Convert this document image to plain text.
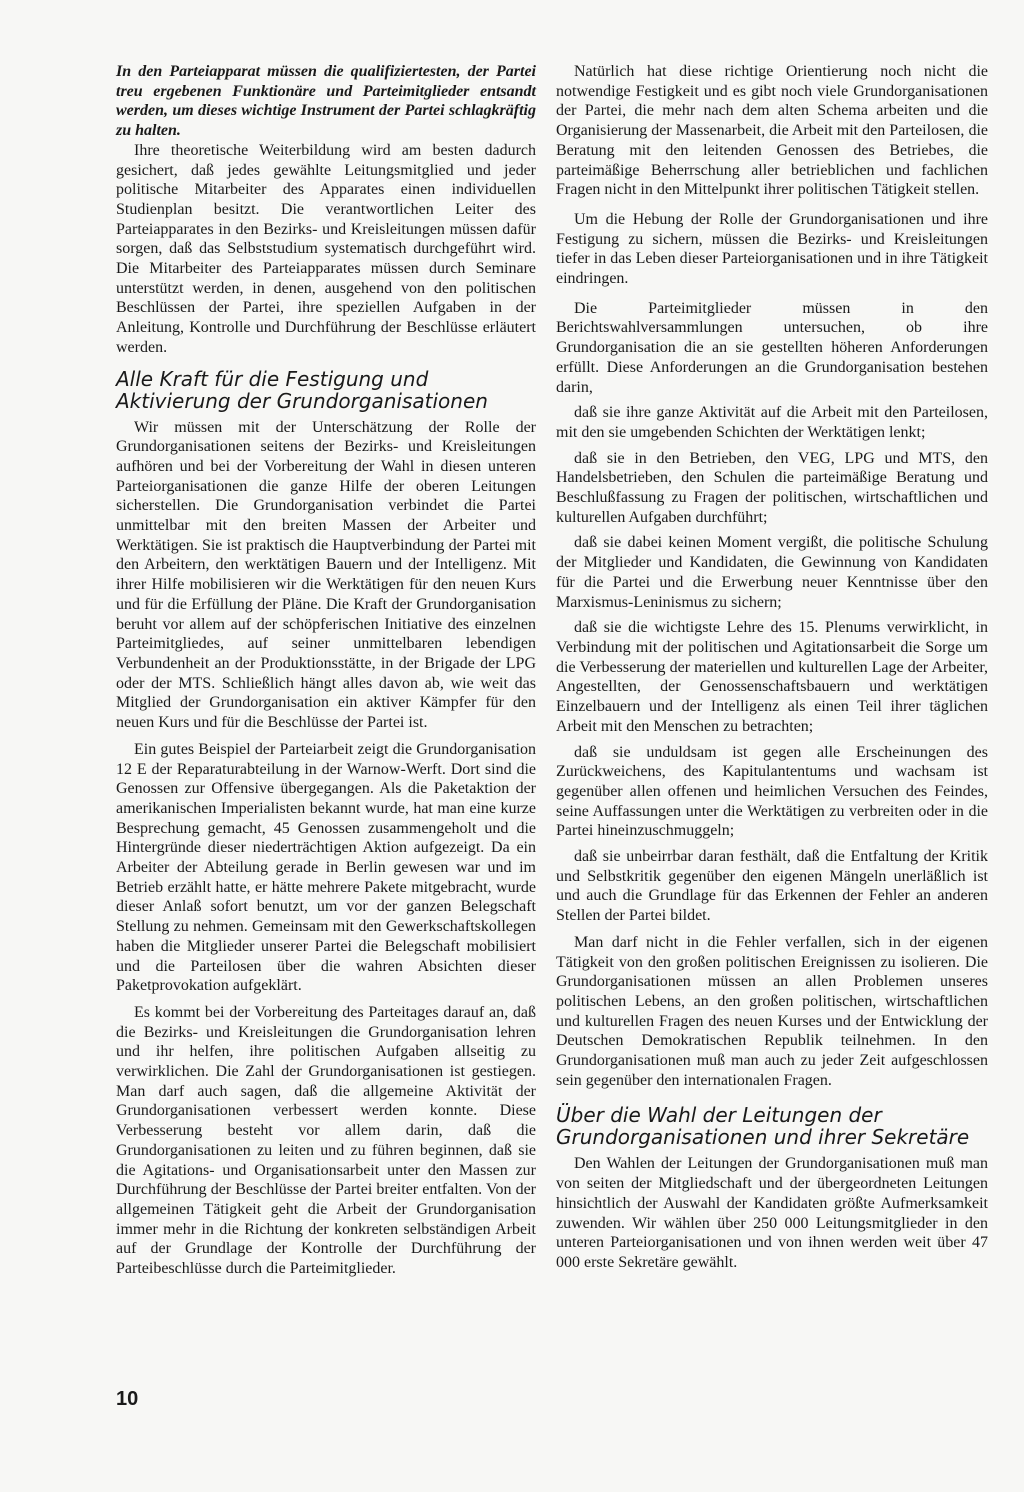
In den Parteiapparat müssen die qualifiziertesten, der Partei treu ergebenen Funktionäre und Parteimitglieder entsandt werden, um dieses wichtige Instrument der Partei schlagkräftig zu halten.

Ihre theoretische Weiterbildung wird am besten dadurch gesichert, daß jedes gewählte Leitungsmitglied und jeder politische Mitarbeiter des Apparates einen individuellen Studienplan besitzt. Die verantwortlichen Leiter des Parteiapparates in den Bezirks- und Kreisleitungen müssen dafür sorgen, daß das Selbststudium systematisch durchgeführt wird. Die Mitarbeiter des Parteiapparates müssen durch Seminare unterstützt werden, in denen, ausgehend von den politischen Beschlüssen der Partei, ihre speziellen Aufgaben in der Anleitung, Kontrolle und Durchführung der Beschlüsse erläutert werden.

Alle Kraft für die Festigung und Aktivierung der Grundorganisationen

Wir müssen mit der Unterschätzung der Rolle der Grundorganisationen seitens der Bezirks- und Kreisleitungen aufhören und bei der Vorbereitung der Wahl in diesen unteren Parteiorganisationen die ganze Hilfe der oberen Leitungen sicherstellen. Die Grundorganisation verbindet die Partei unmittelbar mit den breiten Massen der Arbeiter und Werktätigen. Sie ist praktisch die Hauptverbindung der Partei mit den Arbeitern, den werktätigen Bauern und der Intelligenz. Mit ihrer Hilfe mobilisieren wir die Werktätigen für den neuen Kurs und für die Erfüllung der Pläne. Die Kraft der Grundorganisation beruht vor allem auf der schöpferischen Initiative des einzelnen Parteimitgliedes, auf seiner unmittelbaren lebendigen Verbundenheit an der Produktionsstätte, in der Brigade der LPG oder der MTS. Schließlich hängt alles davon ab, wie weit das Mitglied der Grundorganisation ein aktiver Kämpfer für den neuen Kurs und für die Beschlüsse der Partei ist.

Ein gutes Beispiel der Parteiarbeit zeigt die Grundorganisation 12 E der Reparaturabteilung in der Warnow-Werft. Dort sind die Genossen zur Offensive übergegangen. Als die Paketaktion der amerikanischen Imperialisten bekannt wurde, hat man eine kurze Besprechung gemacht, 45 Genossen zusammengeholt und die Hintergründe dieser niederträchtigen Aktion aufgezeigt. Da ein Arbeiter der Abteilung gerade in Berlin gewesen war und im Betrieb erzählt hatte, er hätte mehrere Pakete mitgebracht, wurde dieser Anlaß sofort benutzt, um vor der ganzen Belegschaft Stellung zu nehmen. Gemeinsam mit den Gewerkschaftskollegen haben die Mitglieder unserer Partei die Belegschaft mobilisiert und die Parteilosen über die wahren Absichten dieser Paketprovokation aufgeklärt.

Es kommt bei der Vorbereitung des Parteitages darauf an, daß die Bezirks- und Kreisleitungen die Grundorganisation lehren und ihr helfen, ihre politischen Aufgaben allseitig zu verwirklichen. Die Zahl der Grundorganisationen ist gestiegen. Man darf auch sagen, daß die allgemeine Aktivität der Grundorganisationen verbessert werden konnte. Diese Verbesserung besteht vor allem darin, daß die Grundorganisationen zu leiten und zu führen beginnen, daß sie die Agitations- und Organisationsarbeit unter den Massen zur Durchführung der Beschlüsse der Partei breiter entfalten. Von der allgemeinen Tätigkeit geht die Arbeit der Grundorganisation immer mehr in die Richtung der konkreten selbständigen Arbeit auf der Grundlage der Kontrolle der Durchführung der Parteibeschlüsse durch die Parteimitglieder.

Natürlich hat diese richtige Orientierung noch nicht die notwendige Festigkeit und es gibt noch viele Grundorganisationen der Partei, die mehr nach dem alten Schema arbeiten und die Organisierung der Massenarbeit, die Arbeit mit den Parteilosen, die Beratung mit den leitenden Genossen des Betriebes, die parteimäßige Beherrschung aller betrieblichen und fachlichen Fragen nicht in den Mittelpunkt ihrer politischen Tätigkeit stellen.

Um die Hebung der Rolle der Grundorganisationen und ihre Festigung zu sichern, müssen die Bezirks- und Kreisleitungen tiefer in das Leben dieser Parteiorganisationen und in ihre Tätigkeit eindringen.

Die Parteimitglieder müssen in den Berichtswahlversammlungen untersuchen, ob ihre Grundorganisation die an sie gestellten höheren Anforderungen erfüllt. Diese Anforderungen an die Grundorganisation bestehen darin,

daß sie ihre ganze Aktivität auf die Arbeit mit den Parteilosen, mit den sie umgebenden Schichten der Werktätigen lenkt;

daß sie in den Betrieben, den VEG, LPG und MTS, den Handelsbetrieben, den Schulen die parteimäßige Beratung und Beschlußfassung zu Fragen der politischen, wirtschaftlichen und kulturellen Aufgaben durchführt;

daß sie dabei keinen Moment vergißt, die politische Schulung der Mitglieder und Kandidaten, die Gewinnung von Kandidaten für die Partei und die Erwerbung neuer Kenntnisse über den Marxismus-Leninismus zu sichern;

daß sie die wichtigste Lehre des 15. Plenums verwirklicht, in Verbindung mit der politischen und Agitationsarbeit die Sorge um die Verbesserung der materiellen und kulturellen Lage der Arbeiter, Angestellten, der Genossenschaftsbauern und werktätigen Einzelbauern und der Intelligenz als einen Teil ihrer täglichen Arbeit mit den Menschen zu betrachten;

daß sie unduldsam ist gegen alle Erscheinungen des Zurückweichens, des Kapitulantentums und wachsam ist gegenüber allen offenen und heimlichen Versuchen des Feindes, seine Auffassungen unter die Werktätigen zu verbreiten oder in die Partei hineinzuschmuggeln;

daß sie unbeirrbar daran festhält, daß die Entfaltung der Kritik und Selbstkritik gegenüber den eigenen Mängeln unerläßlich ist und auch die Grundlage für das Erkennen der Fehler an anderen Stellen der Partei bildet.

Man darf nicht in die Fehler verfallen, sich in der eigenen Tätigkeit von den großen politischen Ereignissen zu isolieren. Die Grundorganisationen müssen an allen Problemen unseres politischen Lebens, an den großen politischen, wirtschaftlichen und kulturellen Fragen des neuen Kurses und der Entwicklung der Deutschen Demokratischen Republik teilnehmen. In den Grundorganisationen muß man auch zu jeder Zeit aufgeschlossen sein gegenüber den internationalen Fragen.

Über die Wahl der Leitungen der Grundorganisationen und ihrer Sekretäre

Den Wahlen der Leitungen der Grundorganisationen muß man von seiten der Mitgliedschaft und der übergeordneten Leitungen hinsichtlich der Auswahl der Kandidaten größte Aufmerksamkeit zuwenden. Wir wählen über 250 000 Leitungsmitglieder in den unteren Parteiorganisationen und von ihnen werden weit über 47 000 erste Sekretäre gewählt.

10
